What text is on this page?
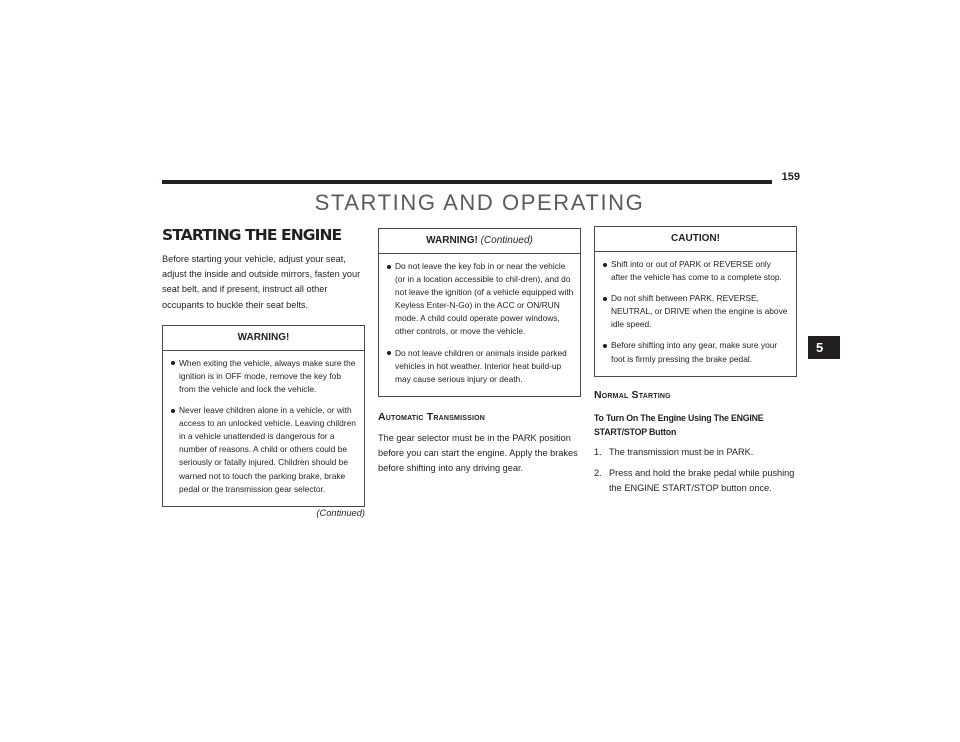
159
STARTING AND OPERATING
5
STARTING THE ENGINE

Before starting your vehicle, adjust your seat, adjust the inside and outside mirrors, fasten your seat belt, and if present, instruct all other occupants to buckle their seat belts.

WARNING!
When exiting the vehicle, always make sure the ignition is in OFF mode, remove the key fob from the vehicle and lock the vehicle.
Never leave children alone in a vehicle, or with access to an unlocked vehicle. Leaving children in a vehicle unattended is dangerous for a number of reasons. A child or others could be seriously or fatally injured. Children should be warned not to touch the parking brake, brake pedal or the transmission gear selector.
(Continued)
WARNING! (Continued)
Do not leave the key fob in or near the vehicle (or in a location accessible to chil-dren), and do not leave the ignition (of a vehicle equipped with Keyless Enter-N-Go) in the ACC or ON/RUN mode. A child could operate power windows, other controls, or move the vehicle.
Do not leave children or animals inside parked vehicles in hot weather. Interior heat build-up may cause serious injury or death.
Automatic Transmission

The gear selector must be in the PARK position before you can start the engine. Apply the brakes before shifting into any driving gear.

CAUTION!
Shift into or out of PARK or REVERSE only after the vehicle has come to a complete stop.
Do not shift between PARK, REVERSE, NEUTRAL, or DRIVE when the engine is above idle speed.
Before shifting into any gear, make sure your foot is firmly pressing the brake pedal.
Normal Starting

To Turn On The Engine Using The ENGINE START/STOP Button

1. The transmission must be in PARK.
2. Press and hold the brake pedal while pushing the ENGINE START/STOP button once.
